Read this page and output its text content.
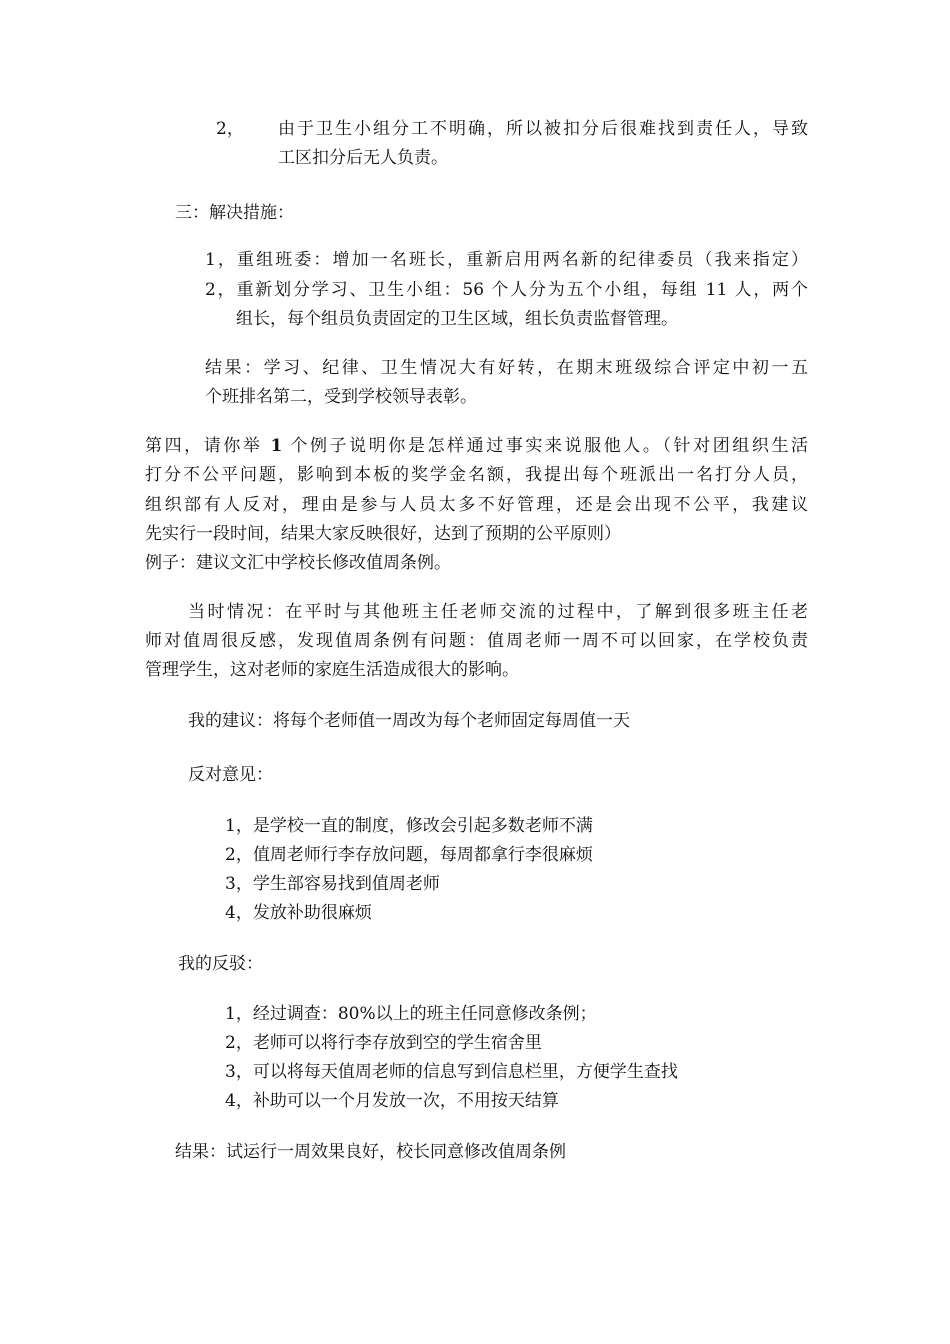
2， 由于卫生小组分工不明确，所以被扣分后很难找到责任人，导致
工区扣分后无人负责。
三：解决措施：
1，重组班委：增加一名班长，重新启用两名新的纪律委员（我来指定）
2，重新划分学习、卫生小组：56 个人分为五个小组，每组 11 人，两个
组长，每个组员负责固定的卫生区域，组长负责监督管理。
结果：学习、纪律、卫生情况大有好转，在期末班级综合评定中初一五
个班排名第二，受到学校领导表彰。
第四，请你举 1 个例子说明你是怎样通过事实来说服他人。（针对团组织生活
打分不公平问题，影响到本板的奖学金名额，我提出每个班派出一名打分人员，
组织部有人反对，理由是参与人员太多不好管理，还是会出现不公平，我建议
先实行一段时间，结果大家反映很好，达到了预期的公平原则）
例子：建议文汇中学校长修改值周条例。
当时情况：在平时与其他班主任老师交流的过程中，了解到很多班主任老
师对值周很反感，发现值周条例有问题：值周老师一周不可以回家，在学校负责
管理学生，这对老师的家庭生活造成很大的影响。
我的建议：将每个老师值一周改为每个老师固定每周值一天
反对意见：
1，是学校一直的制度，修改会引起多数老师不满
2，值周老师行李存放问题，每周都拿行李很麻烦
3，学生部容易找到值周老师
4，发放补助很麻烦
我的反驳：
1，经过调查：80%以上的班主任同意修改条例；
2，老师可以将行李存放到空的学生宿舍里
3，可以将每天值周老师的信息写到信息栏里，方便学生查找
4，补助可以一个月发放一次，不用按天结算
结果：试运行一周效果良好，校长同意修改值周条例
